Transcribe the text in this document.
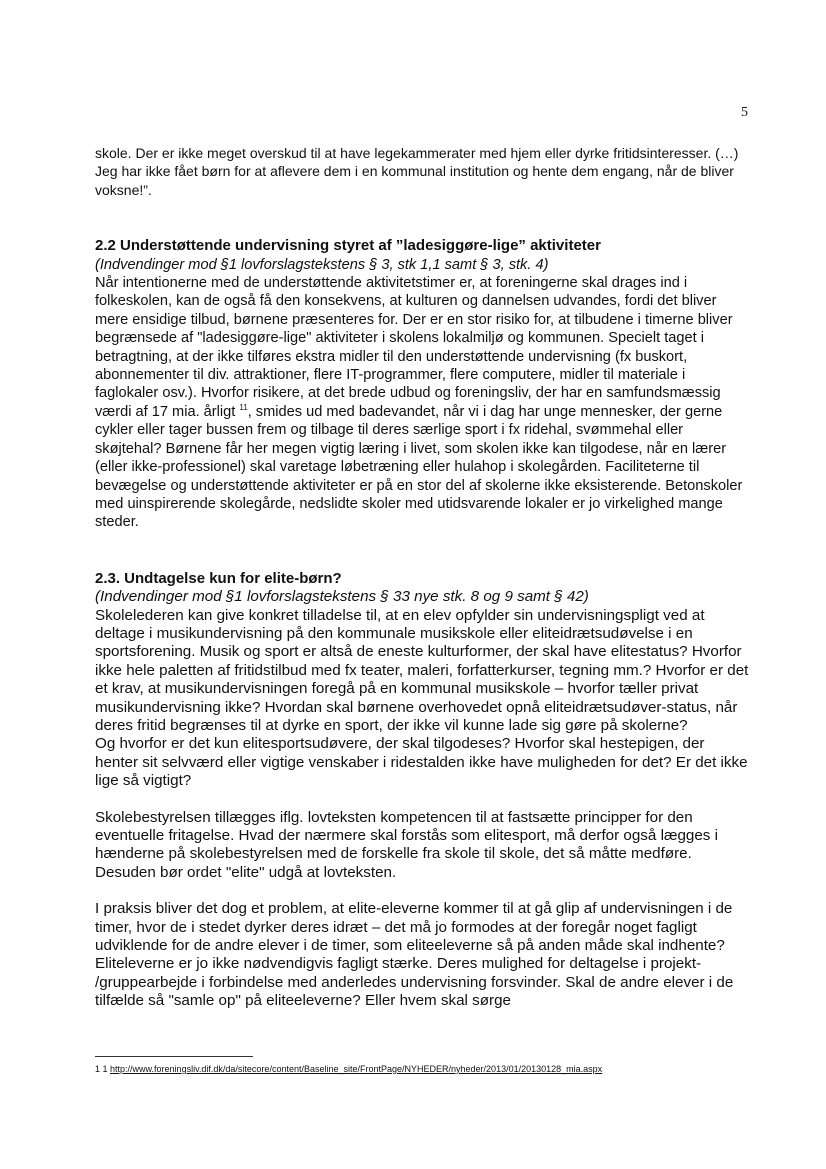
5

skole. Der er ikke meget overskud til at have legekammerater med hjem eller dyrke fritidsinteresser. (…) Jeg har ikke fået børn for at aflevere dem i en kommunal institution og hente dem engang, når de bliver voksne!”.

2.2 Understøttende undervisning styret af ”ladesiggøre-lige” aktiviteter

(Indvendinger mod §1 lovforslagstekstens § 3, stk 1,1 samt § 3, stk. 4)

Når intentionerne med de understøttende aktivitetstimer er, at foreningerne skal drages ind i folkeskolen, kan de også få den konsekvens, at kulturen og dannelsen udvandes, fordi det bliver mere ensidige tilbud, børnene præsenteres for. Der er en stor risiko for, at tilbudene i timerne bliver begrænsede af "ladesiggøre-lige" aktiviteter i skolens lokalmiljø og kommunen. Specielt taget i betragtning, at der ikke tilføres ekstra midler til den understøttende undervisning (fx buskort, abonnementer til div. attraktioner, flere IT-programmer, flere computere, midler til materiale i faglokaler osv.). Hvorfor risikere, at det brede udbud og foreningsliv, der har en samfundsmæssig værdi af 17 mia. årligt $^{11}$, smides ud med badevandet, når vi i dag har unge mennesker, der gerne cykler eller tager bussen frem og tilbage til deres særlige sport i fx ridehal, svømmehal eller skøjtehal? Børnene får her megen vigtig læring i livet, som skolen ikke kan tilgodese, når en lærer (eller ikke-professionel) skal varetage løbetræning eller hulahop i skolegården. Faciliteterne til bevægelse og understøttende aktiviteter er på en stor del af skolerne ikke eksisterende. Betonskoler med uinspirerende skolegårde, nedslidte skoler med utidsvarende lokaler er jo virkelighed mange steder.

2.3. Undtagelse kun for elite-børn?

(Indvendinger mod §1 lovforslagstekstens § 33 nye stk. 8 og 9 samt § 42)

Skolelederen kan give konkret tilladelse til, at en elev opfylder sin undervisningspligt ved at deltage i musikundervisning på den kommunale musikskole eller eliteidrætsudøvelse i en sportsforening. Musik og sport er altså de eneste kulturformer, der skal have elitestatus? Hvorfor ikke hele paletten af fritidstilbud med fx teater, maleri, forfatterkurser, tegning mm.? Hvorfor er det et krav, at musikundervisningen foregå på en kommunal musikskole – hvorfor tæller privat musikundervisning ikke? Hvordan skal børnene overhovedet opnå eliteidrætsudøver-status, når deres fritid begrænses til at dyrke en sport, der ikke vil kunne lade sig gøre på skolerne?

Og hvorfor er det kun elitesportsudøvere, der skal tilgodeses? Hvorfor skal hestepigen, der henter sit selvværd eller vigtige venskaber i ridestalden ikke have muligheden for det? Er det ikke lige så vigtigt?

Skolebestyrelsen tillægges iflg. lovteksten kompetencen til at fastsætte principper for den eventuelle fritagelse. Hvad der nærmere skal forstås som elitesport, må derfor også lægges i hænderne på skolebestyrelsen med de forskelle fra skole til skole, det så måtte medføre. Desuden bør ordet "elite" udgå at lovteksten.

I praksis bliver det dog et problem, at elite-eleverne kommer til at gå glip af undervisningen i de timer, hvor de i stedet dyrker deres idræt – det må jo formodes at der foregår noget fagligt udviklende for de andre elever i de timer, som eliteeleverne så på anden måde skal indhente? Eliteleverne er jo ikke nødvendigvis fagligt stærke. Deres mulighed for deltagelse i projekt- /gruppearbejde i forbindelse med anderledes undervisning forsvinder. Skal de andre elever i de tilfælde så "samle op" på eliteeleverne? Eller hvem skal sørge

1 1 http://www.foreningsliv.dif.dk/da/sitecore/content/Baseline_site/FrontPage/NYHEDER/nyheder/2013/01/20130128_mia.aspx
